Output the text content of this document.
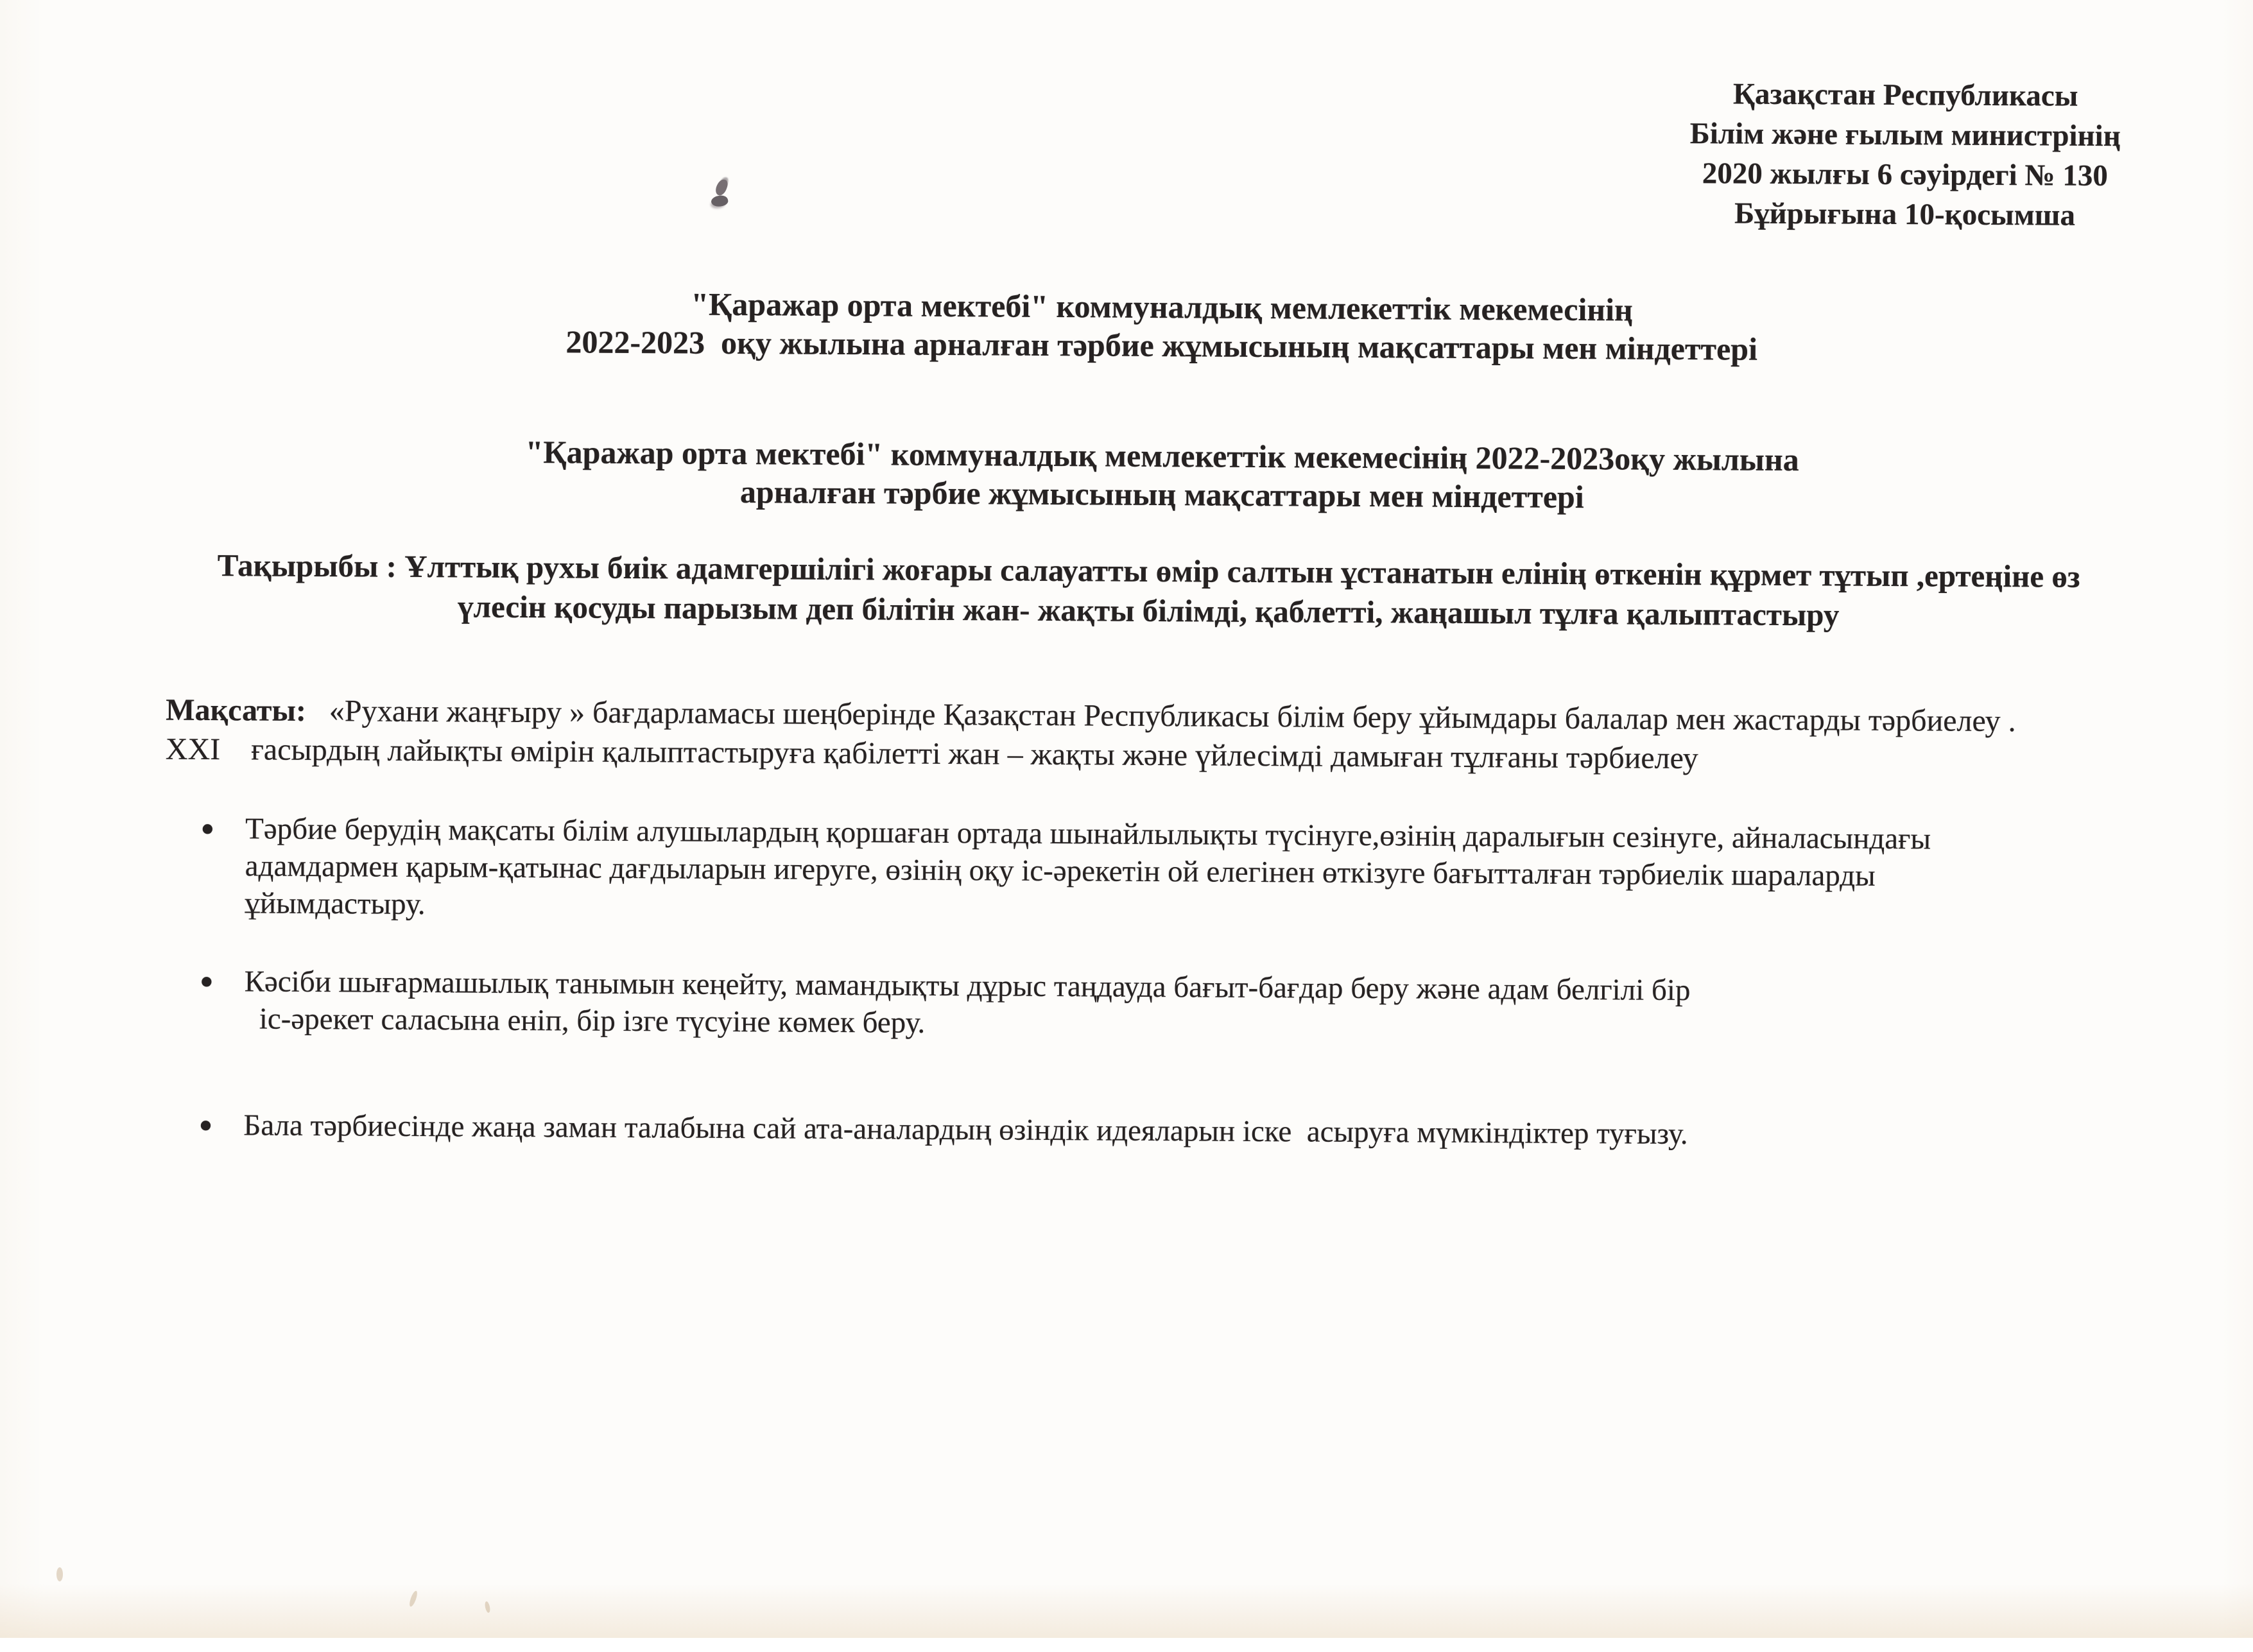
Қазақстан Республикасы
Білім және ғылым министрінің
2020 жылғы 6 сәуірдегі № 130
Бұйрығына 10-қосымша
"Қаражар орта мектебі" коммуналдық мемлекеттік мекемесінің
2022-2023  оқу жылына арналған тәрбие жұмысының мақсаттары мен міндеттері
"Қаражар орта мектебі" коммуналдық мемлекеттік мекемесінің 2022-2023оқу жылына
арналған тәрбие жұмысының мақсаттары мен міндеттері
Тақырыбы : Ұлттық рухы биік адамгершілігі жоғары салауатты өмір салтын ұстанатын елінің өткенін құрмет тұтып ,ертеңіне өз
үлесін қосуды парызым деп білітін жан- жақты білімді, қаблетті, жаңашыл тұлға қалыптастыру
Мақсаты:   «Рухани жаңғыру » бағдарламасы шеңберінде Қазақстан Республикасы білім беру ұйымдары балалар мен жастарды тәрбиелеу .
XXI    ғасырдың лайықты өмірін қалыптастыруға қабілетті жан – жақты және үйлесімді дамыған тұлғаны тәрбиелеу
•	Тәрбие берудің мақсаты білім алушылардың қоршаған ортада шынайлылықты түсінуге,өзінің даралығын сезінуге, айналасындағы
адамдармен қарым-қатынас дағдыларын игеруге, өзінің оқу іс-әрекетін ой елегінен өткізуге бағытталған тәрбиелік шараларды
ұйымдастыру.
•	Кәсіби шығармашылық танымын кеңейту, мамандықты дұрыс таңдауда бағыт-бағдар беру және адам белгілі бір
іс-әрекет саласына еніп, бір ізге түсуіне көмек беру.
•	Бала тәрбиесінде жаңа заман талабына сай ата-аналардың өзіндік идеяларын іске  асыруға мүмкіндіктер туғызу.
